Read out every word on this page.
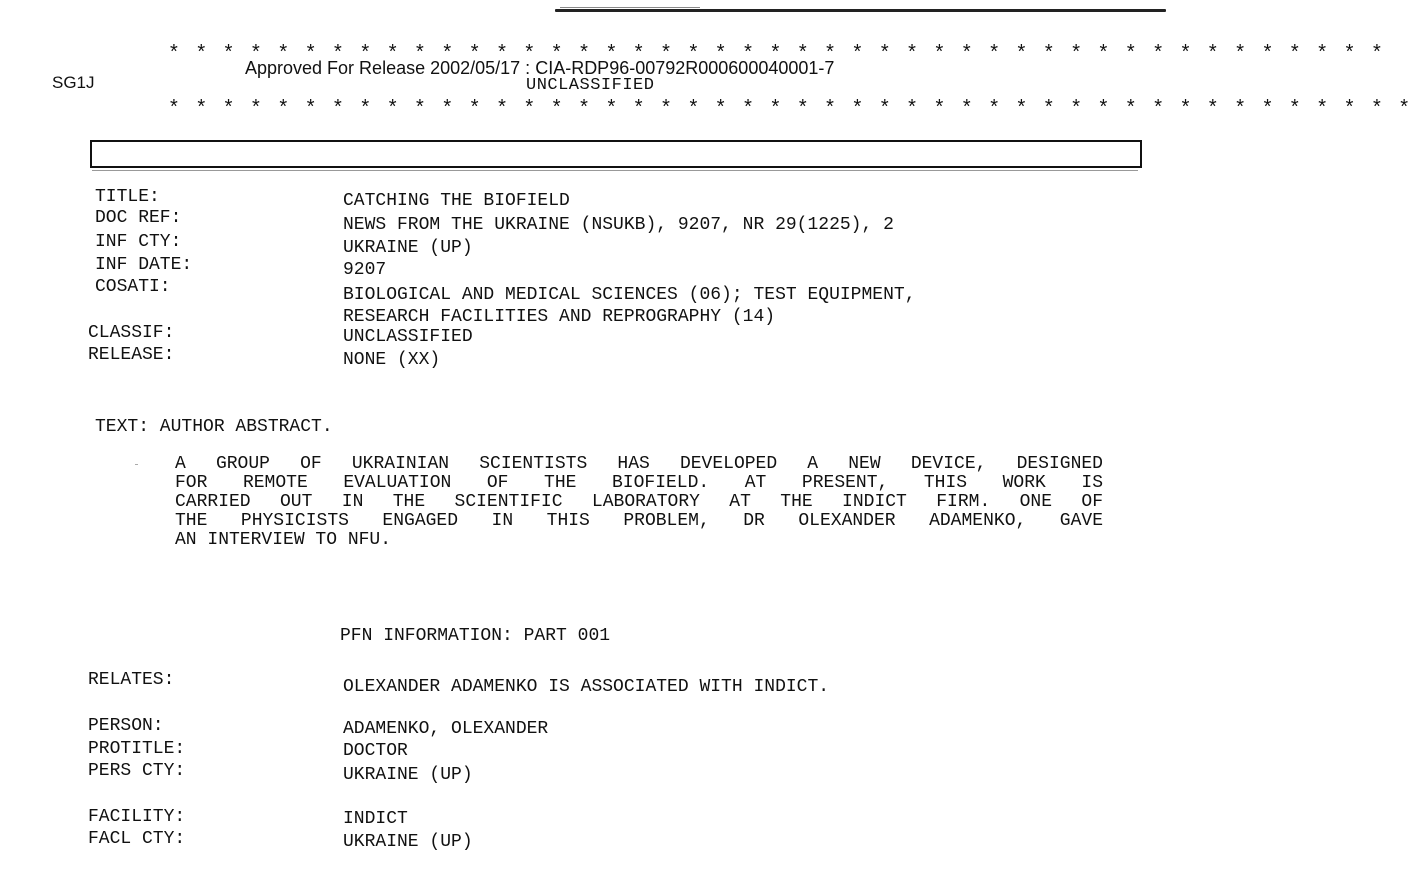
* * * * * * * * * * * * * * * * * * * * * * * * * * * * * * * * * * * * * * * * * * * * *
Approved For Release 2002/05/17 : CIA-RDP96-00792R000600040001-7
UNCLASSIFIED
SG1J
* * * * * * * * * * * * * * * * * * * * * * * * * * * * * * * * * * * * * * * * * * * * * *
TITLE:	CATCHING THE BIOFIELD
DOC REF:	NEWS FROM THE UKRAINE (NSUKB), 9207, NR 29(1225), 2
INF CTY:	UKRAINE (UP)
INF DATE:	9207
COSATI:	BIOLOGICAL AND MEDICAL SCIENCES (06); TEST EQUIPMENT,
RESEARCH FACILITIES AND REPROGRAPHY (14)
CLASSIF:	UNCLASSIFIED
RELEASE:	NONE (XX)
TEXT: AUTHOR ABSTRACT.
A GROUP OF UKRAINIAN SCIENTISTS HAS DEVELOPED A NEW DEVICE, DESIGNED
FOR REMOTE EVALUATION OF THE BIOFIELD. AT PRESENT, THIS WORK IS
CARRIED OUT IN THE SCIENTIFIC LABORATORY AT THE INDICT FIRM. ONE OF
THE PHYSICISTS ENGAGED IN THIS PROBLEM, DR OLEXANDER ADAMENKO, GAVE
AN INTERVIEW TO NFU.
PFN INFORMATION: PART 001
RELATES:	OLEXANDER ADAMENKO IS ASSOCIATED WITH INDICT.
PERSON:	ADAMENKO, OLEXANDER
PROTITLE:	DOCTOR
PERS CTY:	UKRAINE (UP)
FACILITY:	INDICT
FACL CTY:	UKRAINE (UP)
